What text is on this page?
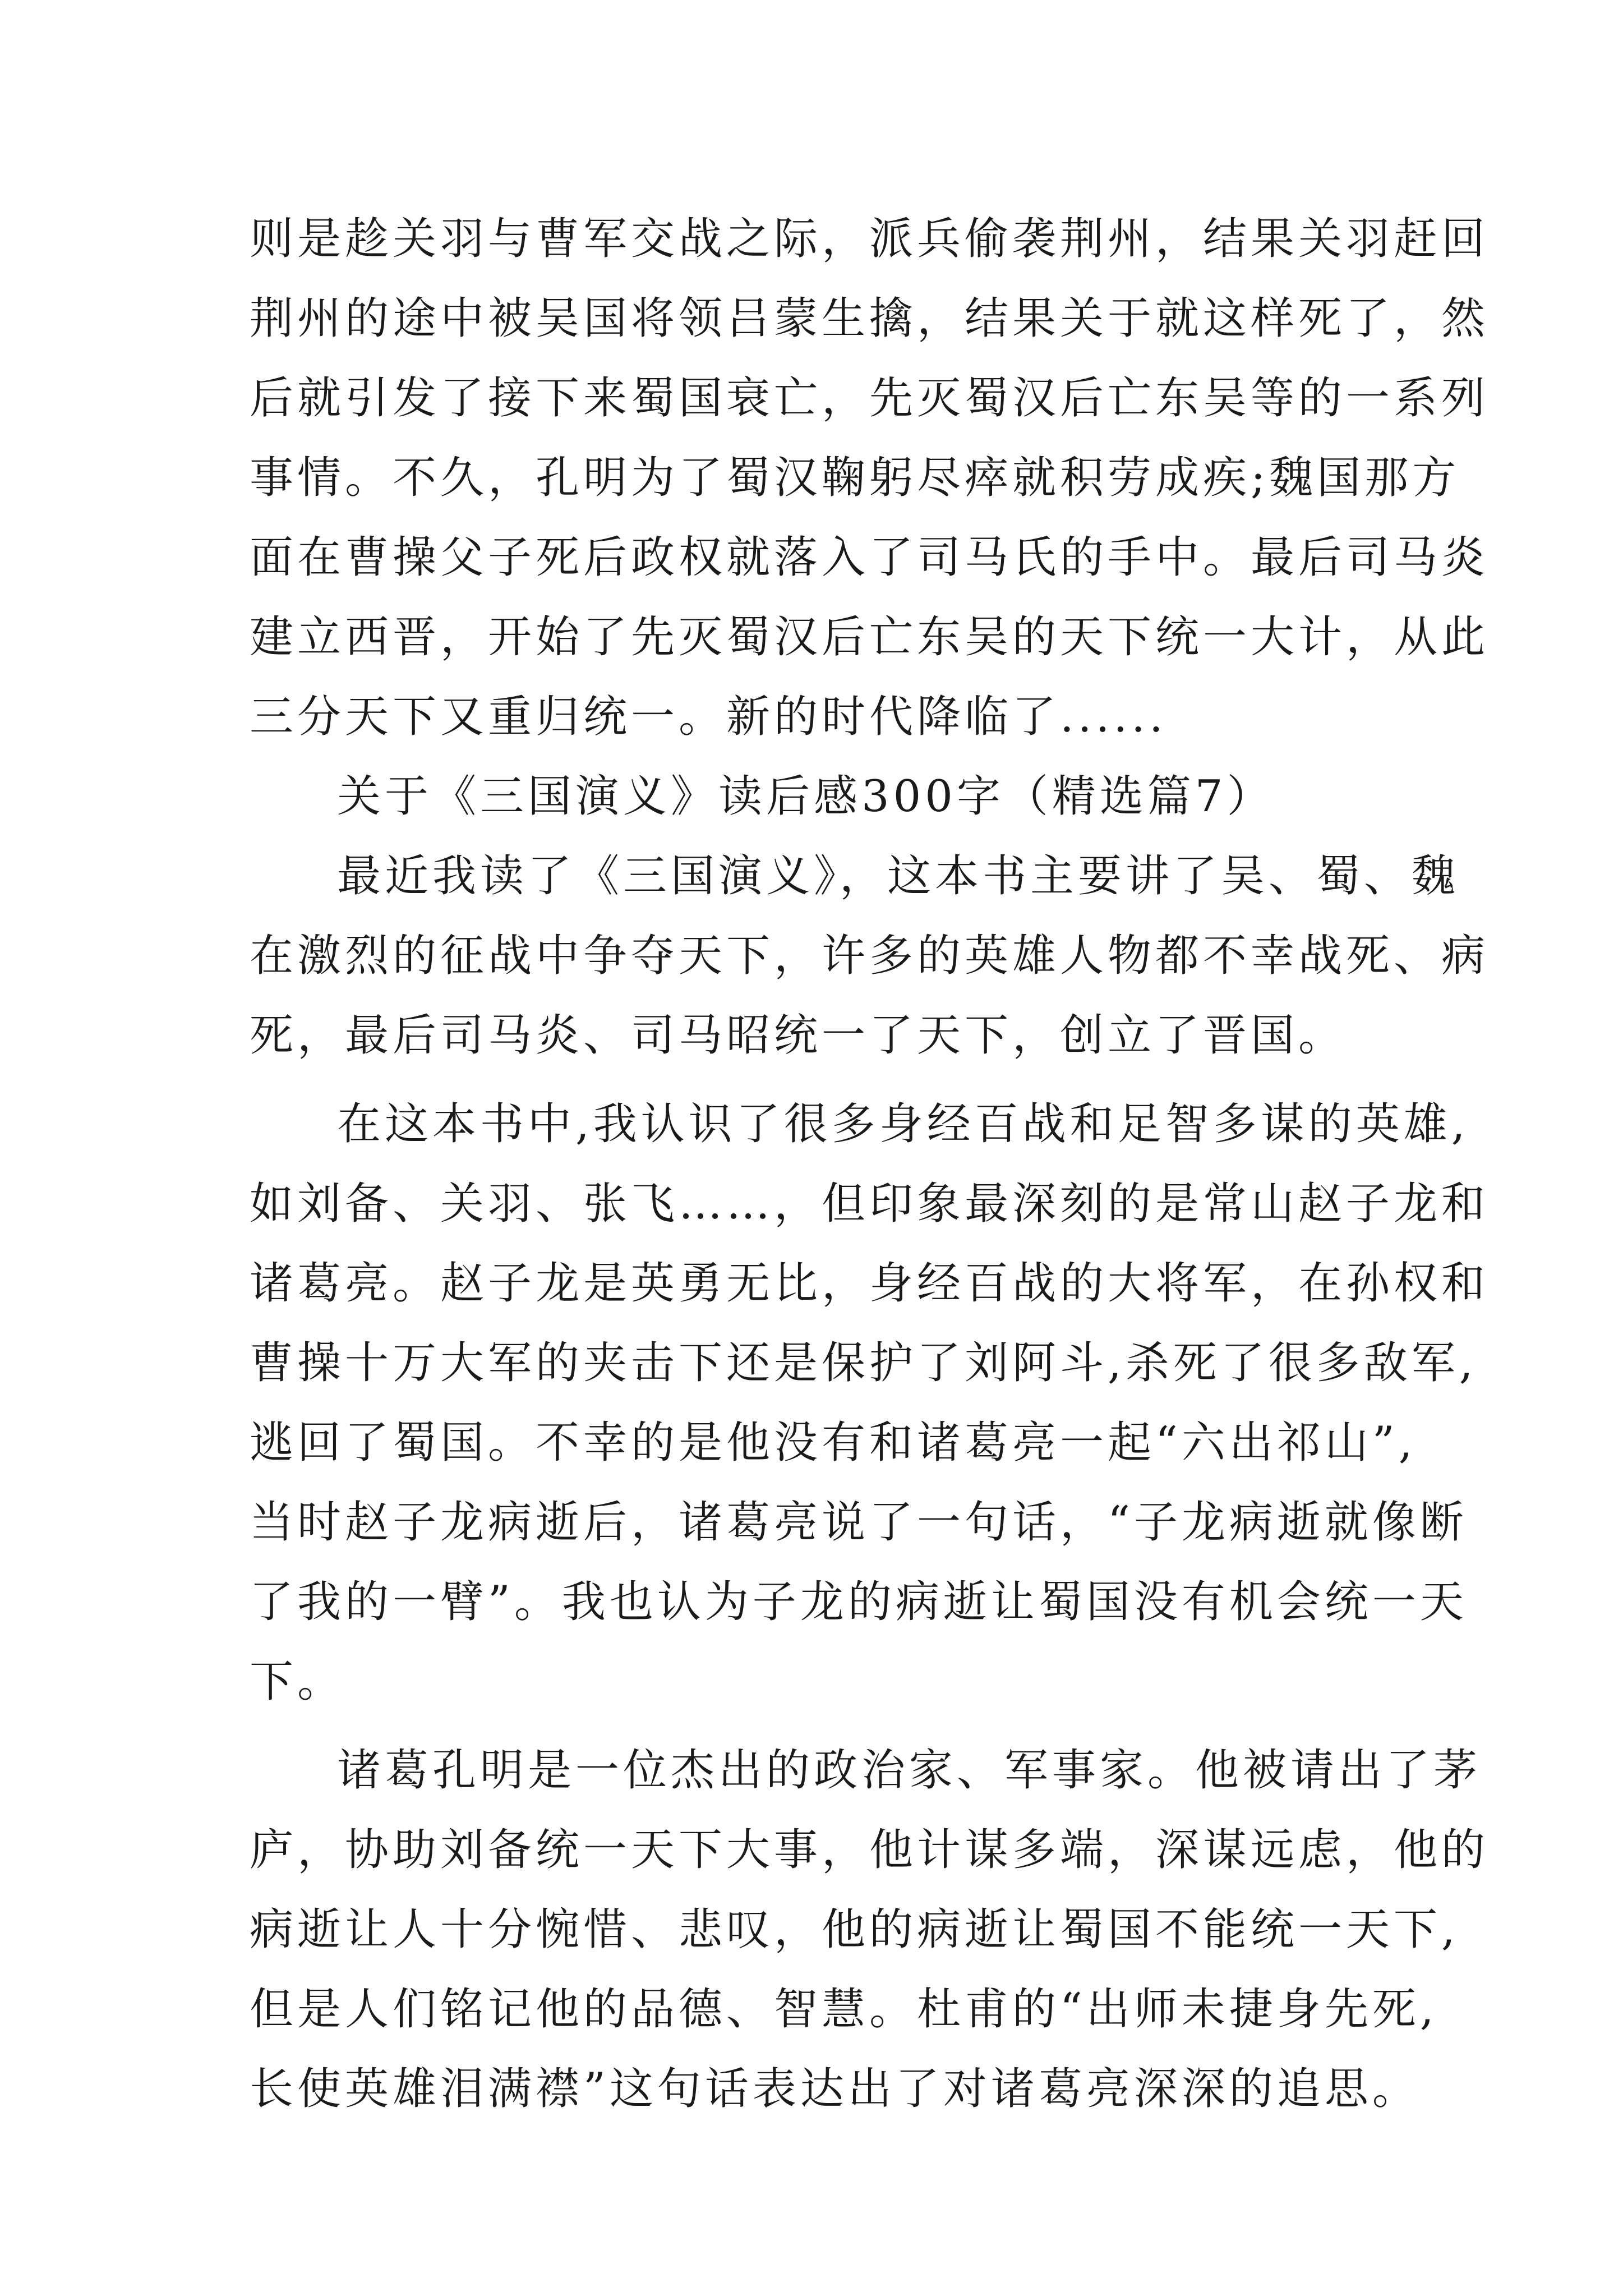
则是趁关羽与曹军交战之际，派兵偷袭荆州，结果关羽赶回
荆州的途中被吴国将领吕蒙生擒，结果关于就这样死了，然
后就引发了接下来蜀国衰亡，先灭蜀汉后亡东吴等的一系列
事情。不久，孔明为了蜀汉鞠躬尽瘁就积劳成疾;魏国那方
面在曹操父子死后政权就落入了司马氏的手中。最后司马炎
建立西晋，开始了先灭蜀汉后亡东吴的天下统一大计，从此
三分天下又重归统一。新的时代降临了......
关于《三国演义》读后感300字（精选篇7）
最近我读了《三国演义》，这本书主要讲了吴、蜀、魏
在激烈的征战中争夺天下，许多的英雄人物都不幸战死、病
死，最后司马炎、司马昭统一了天下，创立了晋国。
在这本书中,我认识了很多身经百战和足智多谋的英雄,
如刘备、关羽、张飞……，但印象最深刻的是常山赵子龙和
诸葛亮。赵子龙是英勇无比，身经百战的大将军，在孙权和
曹操十万大军的夹击下还是保护了刘阿斗,杀死了很多敌军,
逃回了蜀国。不幸的是他没有和诸葛亮一起“六出祁山”,
当时赵子龙病逝后，诸葛亮说了一句话，“子龙病逝就像断
了我的一臂”。我也认为子龙的病逝让蜀国没有机会统一天
下。
诸葛孔明是一位杰出的政治家、军事家。他被请出了茅
庐，协助刘备统一天下大事，他计谋多端，深谋远虑，他的
病逝让人十分惋惜、悲叹，他的病逝让蜀国不能统一天下,
但是人们铭记他的品德、智慧。杜甫的“出师未捷身先死,
长使英雄泪满襟”这句话表达出了对诸葛亮深深的追思。
